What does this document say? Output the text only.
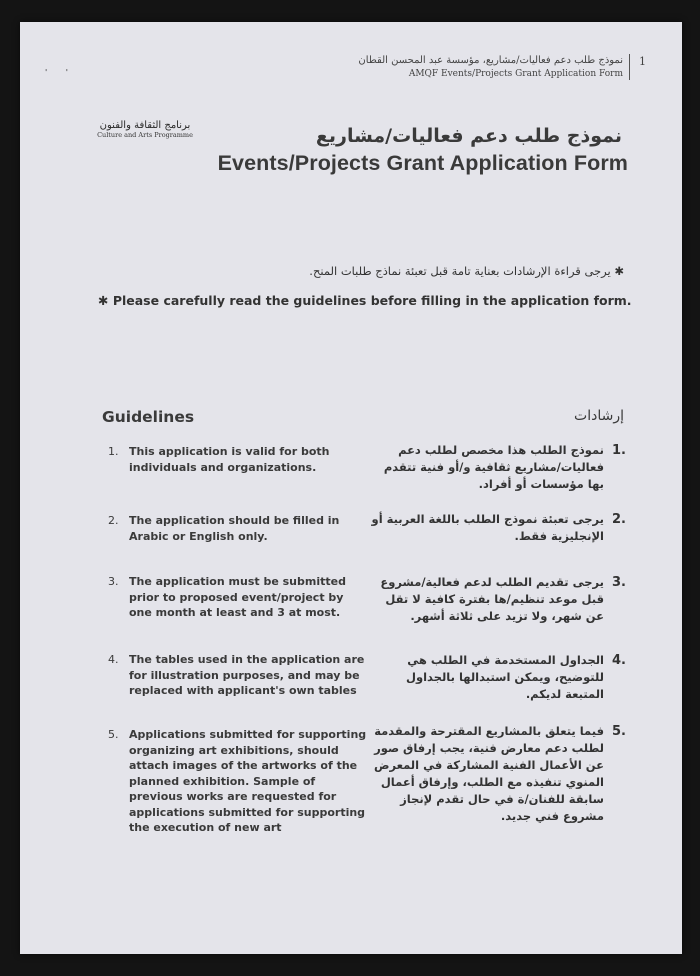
' '
نموذج طلب دعم فعاليات/مشاريع، مؤسسة عبد المحسن القطان
AMQF Events/Projects Grant Application Form
1
برنامج الثقافة والفنون
Culture and Arts Programme	نموذج طلب دعم فعاليات/مشاريع
Events/Projects Grant Application Form
✱ يرجى قراءة الإرشادات بعناية تامة قبل تعبئة نماذج طلبات المنح.
✱ Please carefully read the guidelines before filling in the application form.
Guidelines	إرشادات
1. This application is valid for both individuals and organizations.
.1
نموذج الطلب هذا مخصص لطلب دعم فعاليات/مشاريع ثقافية و/أو فنية تتقدم بها مؤسسات أو أفراد.
2. The application should be filled in Arabic or English only.
.2
يرجى تعبئة نموذج الطلب باللغة العربية أو الإنجليزية فقط.
3. The application must be submitted prior to proposed event/project by one month at least and 3 at most.
.3
يرجى تقديم الطلب لدعم فعالية/مشروع قبل موعد تنظيم/ها بفترة كافية لا تقل عن شهر، ولا تزيد على ثلاثة أشهر.
4. The tables used in the application are for illustration purposes, and may be replaced with applicant's own tables
.4
الجداول المستخدمة في الطلب هي للتوضيح، ويمكن استبدالها بالجداول المتبعة لديكم.
5. Applications submitted for supporting organizing art exhibitions, should attach images of the artworks of the planned exhibition. Sample of previous works are requested for applications submitted for supporting the execution of new art
.5
فيما يتعلق بالمشاريع المقترحة والمقدمة لطلب دعم معارض فنية، يجب إرفاق صور عن الأعمال الفنية المشاركة في المعرض المنوي تنفيذه مع الطلب، وإرفاق أعمال سابقة للفنان/ة في حال تقدم لإنجاز مشروع فني جديد.
